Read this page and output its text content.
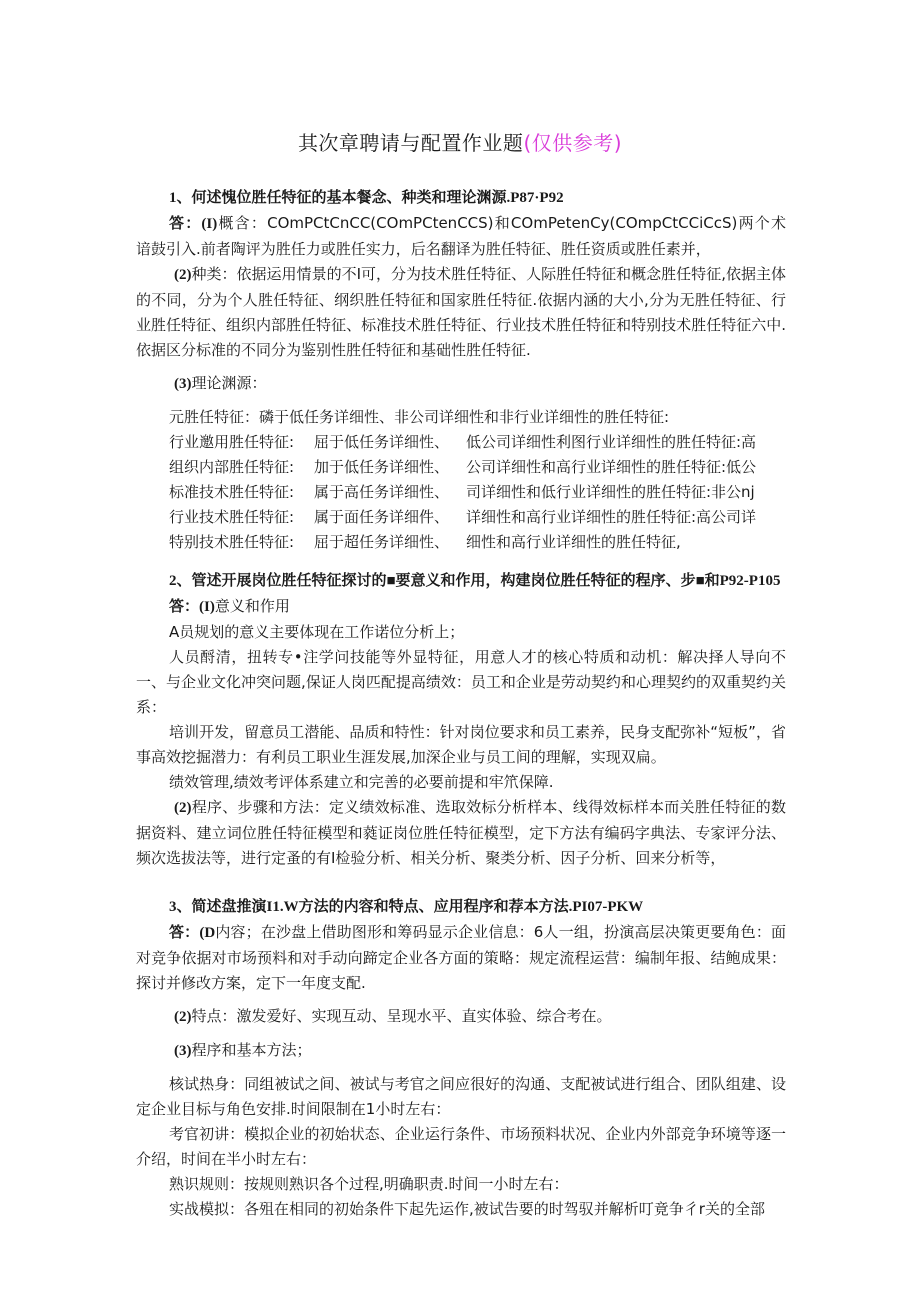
其次章聘请与配置作业题(仅供参考)

1、何述愧位胜任特征的基本餐念、种类和理论渊源.P87·P92

答：(I)概含：COmPCtCnCC(COmPCtenCCS)和COmPetenCy(COmpCtCCiCcS)两个术谙鼓引入.前者陶评为胜任力或胜任实力，后名翻译为胜任特征、胜任资质或胜任素并，

(2)种类：依据运用情景的不I可，分为技术胜任特征、人际胜任特征和概念胜任特征,依据主体的不同，分为个人胜任特征、纲织胜任特征和国家胜任特征.依据内涵的大小,分为无胜任特征、行业胜任特征、组织内部胜任特征、标准技术胜任特征、行业技术胜任特征和特别技术胜任特征六中.依据区分标准的不同分为鉴别性胜任特征和基础性胜任特征.

(3)理论渊源：

元胜任特征：磷于低任务详细性、非公司详细性和非行业详细性的胜任特征:

行业邀用胜任特征:	屈于低任务详细性、	低公司详细性利图行业详细性的胜任特征:高
组织内部胜任特征:	加于低任务详细性、	公司详细性和高行业详细性的胜任特征:低公
标准技术胜任特征:	属于高任务详细性、	司详细性和低行业详细性的胜任特征:非公nj
行业技术胜任特征:	属于面任务详细件、	详细性和高行业详细性的胜任特征:高公司详
特别技术胜任特征:	屈于超任务详细性、	细性和高行业详细性的胜任特征,

2、管述开展岗位胜任特征探讨的■要意义和作用，构建岗位胜任特征的程序、步■和P92-P105

答：(I)意义和作用

A员规划的意义主要体现在工作诺位分析上；

人员酹清，扭转专•注学问技能等外显特征，用意人才的核心特质和动机：解决择人导向不一、与企业文化冲突问题,保证人岗匹配提高绩效：员工和企业是劳动契约和心理契约的双重契约关系：

培训开发，留意员工潜能、品质和特性：针对岗位要求和员工素养，民身支配弥补“短板”，省事高效挖掘潜力：有利员工职业生涯发展,加深企业与员工间的理解，实现双扁。

绩效管理,绩效考评体系建立和完善的必要前提和牢笊保障.

(2)程序、步骤和方法：定义绩效标准、选取效标分析样本、线得效标样本而关胜任特征的数据资料、建立词位胜任特征模型和蕤证岗位胜任特征模型，定下方法有编码字典法、专家评分法、频次选拔法等，进行定蚤的有I检验分析、相关分析、聚类分析、因子分析、回来分析等，

3、简述盘推演I1.W方法的内容和特点、应用程序和荐本方法.PI07-PKW

答：(D内容；在沙盘上借助图形和筹码显示企业信息：6人一组，扮演高层决策更要角色：面对竞争依据对市场预料和对手动向蹄定企业各方面的策略：规定流程运营：编制年报、结鲍成果：探讨并修改方案，定下一年度支配.

(2)特点：激发爱好、实现互动、呈现水平、直实体验、综合考在。

(3)程序和基本方法；

核试热身：同组被试之间、被试与考官之间应很好的沟通、支配被试进行组合、团队组建、设定企业目标与角色安排.时间限制在1小时左右：

考官初讲：模拟企业的初始状态、企业运行条件、市场预料状况、企业内外部竞争环境等逐一介绍，时间在半小时左右：

熟识规则：按规则熟识各个过程,明确职责.时间一小时左右：

实战模拟：各殂在相同的初始条件下起先运作,被试告要的时驾驭并解析叮竟争彳r关的全部
